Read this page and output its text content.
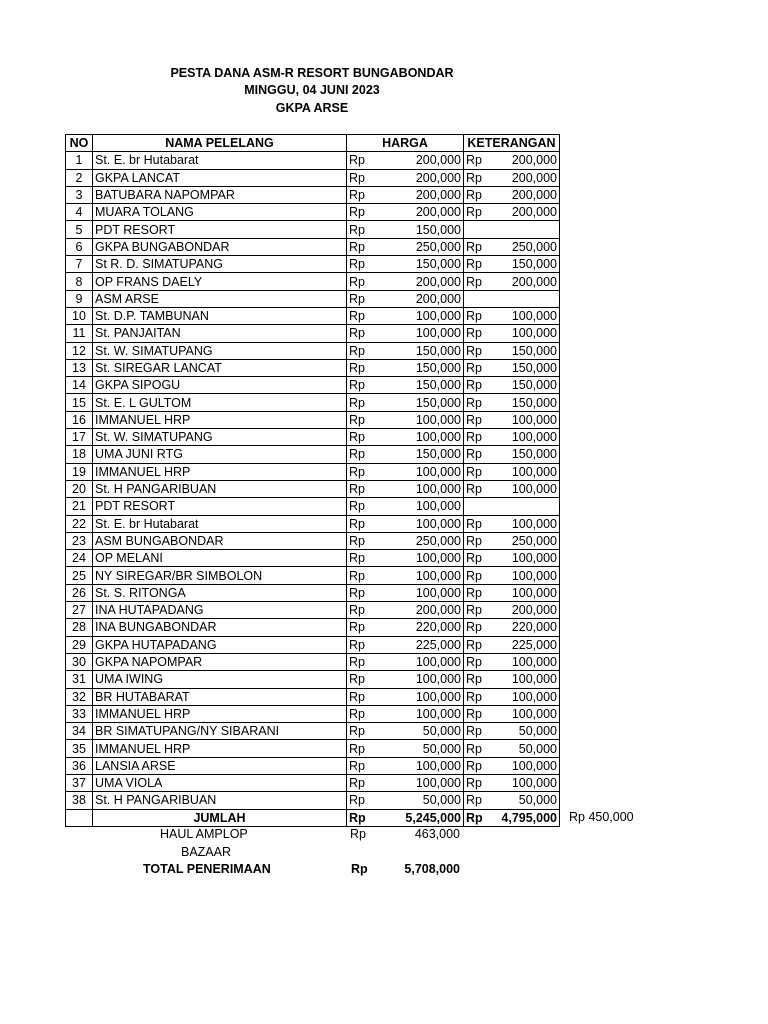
PESTA DANA ASM-R RESORT BUNGABONDAR
MINGGU, 04 JUNI 2023
GKPA ARSE
NO	NAMA PELELANG	HARGA		KETERANGAN	
1	St. E. br Hutabarat	Rp	200,000	Rp	200,000
2	GKPA LANCAT	Rp	200,000	Rp	200,000
3	BATUBARA NAPOMPAR	Rp	200,000	Rp	200,000
4	MUARA TOLANG	Rp	200,000	Rp	200,000
5	PDT RESORT	Rp	150,000		
6	GKPA BUNGABONDAR	Rp	250,000	Rp	250,000
7	St R. D. SIMATUPANG	Rp	150,000	Rp	150,000
8	OP FRANS DAELY	Rp	200,000	Rp	200,000
9	ASM ARSE	Rp	200,000		
10	St. D.P. TAMBUNAN	Rp	100,000	Rp	100,000
11	St. PANJAITAN	Rp	100,000	Rp	100,000
12	St. W. SIMATUPANG	Rp	150,000	Rp	150,000
13	St. SIREGAR LANCAT	Rp	150,000	Rp	150,000
14	GKPA SIPOGU	Rp	150,000	Rp	150,000
15	St. E. L GULTOM	Rp	150,000	Rp	150,000
16	IMMANUEL HRP	Rp	100,000	Rp	100,000
17	St. W. SIMATUPANG	Rp	100,000	Rp	100,000
18	UMA JUNI RTG	Rp	150,000	Rp	150,000
19	IMMANUEL HRP	Rp	100,000	Rp	100,000
20	St. H PANGARIBUAN	Rp	100,000	Rp	100,000
21	PDT RESORT	Rp	100,000		
22	St. E. br Hutabarat	Rp	100,000	Rp	100,000
23	ASM BUNGABONDAR	Rp	250,000	Rp	250,000
24	OP MELANI	Rp	100,000	Rp	100,000
25	NY SIREGAR/BR SIMBOLON	Rp	100,000	Rp	100,000
26	St. S. RITONGA	Rp	100,000	Rp	100,000
27	INA HUTAPADANG	Rp	200,000	Rp	200,000
28	INA BUNGABONDAR	Rp	220,000	Rp	220,000
29	GKPA HUTAPADANG	Rp	225,000	Rp	225,000
30	GKPA NAPOMPAR	Rp	100,000	Rp	100,000
31	UMA IWING	Rp	100,000	Rp	100,000
32	BR HUTABARAT	Rp	100,000	Rp	100,000
33	IMMANUEL HRP	Rp	100,000	Rp	100,000
34	BR SIMATUPANG/NY SIBARANI	Rp	50,000	Rp	50,000
35	IMMANUEL HRP	Rp	50,000	Rp	50,000
36	LANSIA ARSE	Rp	100,000	Rp	100,000
37	UMA VIOLA	Rp	100,000	Rp	100,000
38	St. H PANGARIBUAN	Rp	50,000	Rp	50,000
	JUMLAH	Rp	5,245,000	Rp	4,795,000 Rp 450,000
HAUL AMPLOP	Rp	463,000
BAZAAR
TOTAL PENERIMAAN	Rp	5,708,000
